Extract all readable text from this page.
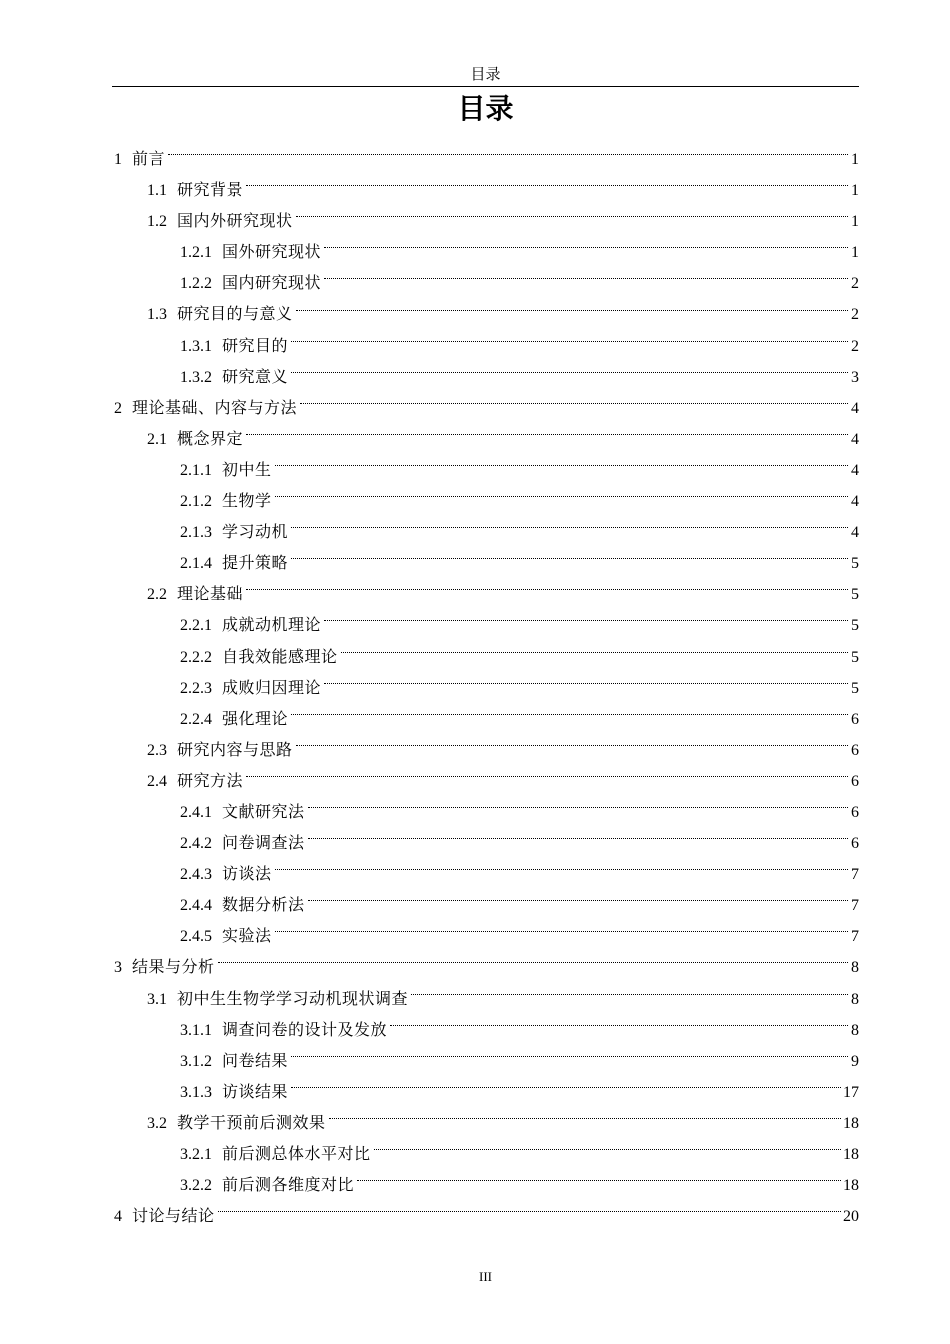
目录
目录
1 前言	1
1.1 研究背景	1
1.2 国内外研究现状	1
1.2.1 国外研究现状	1
1.2.2 国内研究现状	2
1.3 研究目的与意义	2
1.3.1 研究目的	2
1.3.2 研究意义	3
2 理论基础、内容与方法	4
2.1 概念界定	4
2.1.1 初中生	4
2.1.2 生物学	4
2.1.3 学习动机	4
2.1.4 提升策略	5
2.2 理论基础	5
2.2.1 成就动机理论	5
2.2.2 自我效能感理论	5
2.2.3 成败归因理论	5
2.2.4 强化理论	6
2.3 研究内容与思路	6
2.4 研究方法	6
2.4.1 文献研究法	6
2.4.2 问卷调查法	6
2.4.3 访谈法	7
2.4.4 数据分析法	7
2.4.5 实验法	7
3 结果与分析	8
3.1 初中生生物学学习动机现状调查	8
3.1.1 调查问卷的设计及发放	8
3.1.2 问卷结果	9
3.1.3 访谈结果	17
3.2 教学干预前后测效果	18
3.2.1 前后测总体水平对比	18
3.2.2 前后测各维度对比	18
4 讨论与结论	20
III
